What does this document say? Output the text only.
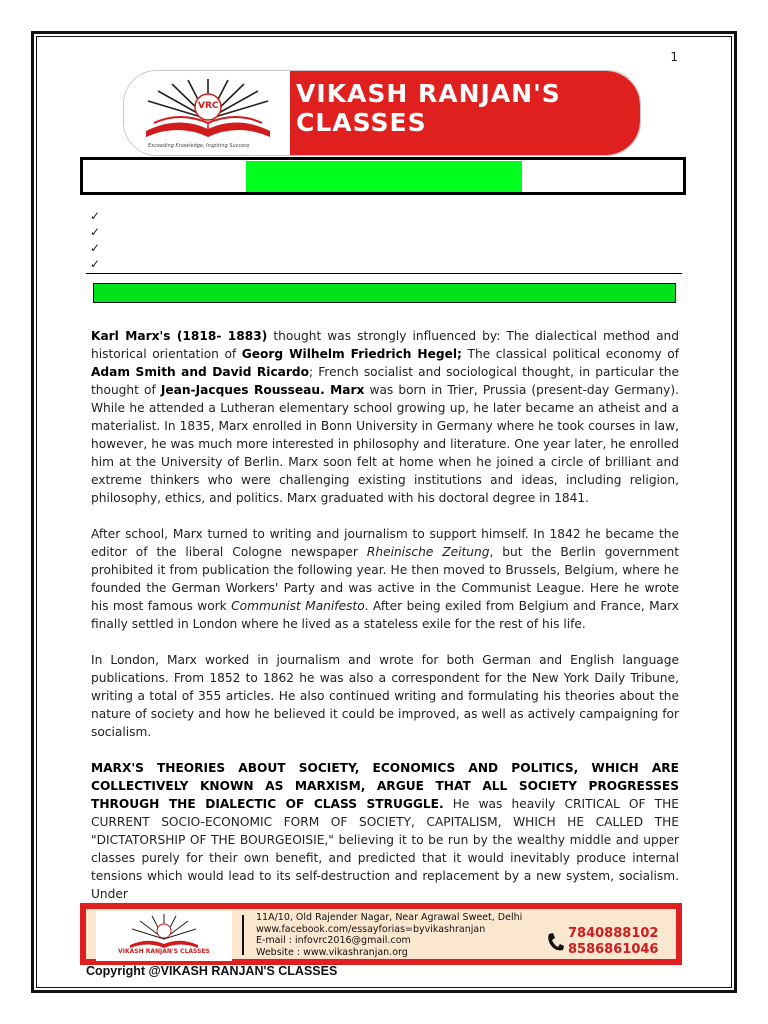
1
VRC
Exceeding Knowledge, Inspiring Success
VIKASH RANJAN'S
CLASSES
✓
✓
✓
✓

Karl Marx's (1818- 1883) thought was strongly influenced by: The dialectical method and historical orientation of Georg Wilhelm Friedrich Hegel; The classical political economy of Adam Smith and David Ricardo; French socialist and sociological thought, in particular the thought of Jean-Jacques Rousseau. Marx was born in Trier, Prussia (present-day Germany). While he attended a Lutheran elementary school growing up, he later became an atheist and a materialist. In 1835, Marx enrolled in Bonn University in Germany where he took courses in law, however, he was much more interested in philosophy and literature. One year later, he enrolled him at the University of Berlin. Marx soon felt at home when he joined a circle of brilliant and extreme thinkers who were challenging existing institutions and ideas, including religion, philosophy, ethics, and politics. Marx graduated with his doctoral degree in 1841.

After school, Marx turned to writing and journalism to support himself. In 1842 he became the editor of the liberal Cologne newspaper Rheinische Zeitung, but the Berlin government prohibited it from publication the following year. He then moved to Brussels, Belgium, where he founded the German Workers' Party and was active in the Communist League. Here he wrote his most famous work Communist Manifesto. After being exiled from Belgium and France, Marx finally settled in London where he lived as a stateless exile for the rest of his life.

In London, Marx worked in journalism and wrote for both German and English language publications. From 1852 to 1862 he was also a correspondent for the New York Daily Tribune, writing a total of 355 articles. He also continued writing and formulating his theories about the nature of society and how he believed it could be improved, as well as actively campaigning for socialism.

MARX'S THEORIES ABOUT SOCIETY, ECONOMICS AND POLITICS, WHICH ARE COLLECTIVELY KNOWN AS MARXISM, ARGUE THAT ALL SOCIETY PROGRESSES THROUGH THE DIALECTIC OF CLASS STRUGGLE. He was heavily CRITICAL OF THE CURRENT SOCIO-ECONOMIC FORM OF SOCIETY, CAPITALISM, WHICH HE CALLED THE "DICTATORSHIP OF THE BOURGEOISIE," believing it to be run by the wealthy middle and upper classes purely for their own benefit, and predicted that it would inevitably produce internal tensions which would lead to its self-destruction and replacement by a new system, socialism. Under

VIKASH RANJAN'S CLASSES
11A/10, Old Rajender Nagar, Near Agrawal Sweet, Delhi
www.facebook.com/essayforias=byvikashranjan
E-mail : infovrc2016@gmail.com
Website : www.vikashranjan.org
7840888102
8586861046
Copyright @VIKASH RANJAN'S CLASSES
